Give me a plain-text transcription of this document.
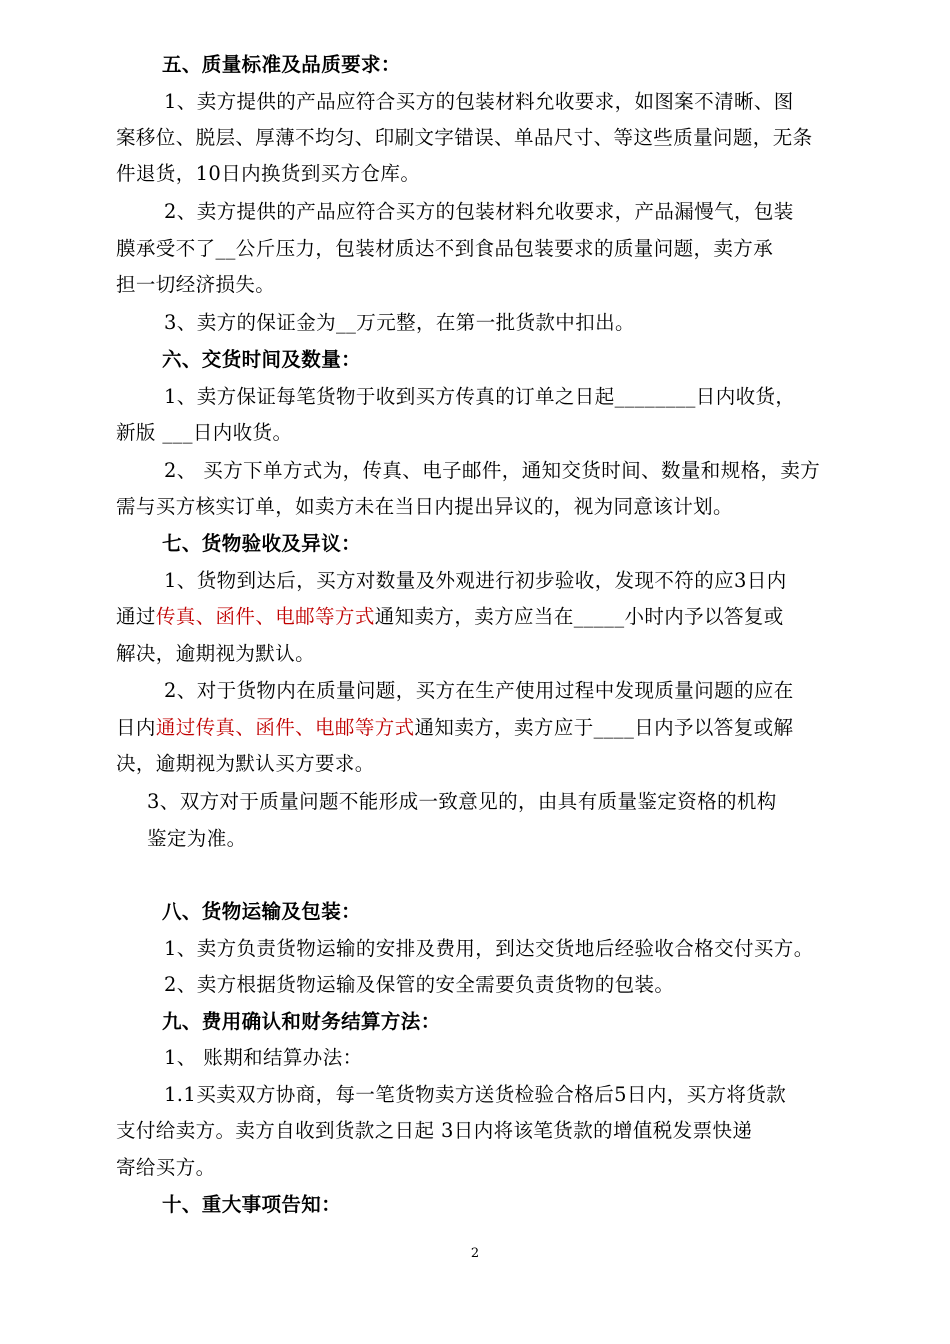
五、质量标准及品质要求：
1、卖方提供的产品应符合买方的包装材料允收要求，如图案不清晰、图
案移位、脱层、厚薄不均匀、印刷文字错误、单品尺寸、等这些质量问题，无条
件退货，10日内换货到买方仓库。
2、卖方提供的产品应符合买方的包装材料允收要求，产品漏慢气，包装
膜承受不了__公斤压力，包装材质达不到食品包装要求的质量问题，卖方承
担一切经济损失。
3、卖方的保证金为__万元整，在第一批货款中扣出。
六、交货时间及数量：
1、卖方保证每笔货物于收到买方传真的订单之日起________日内收货，
新版 ___日内收货。
2、 买方下单方式为，传真、电子邮件，通知交货时间、数量和规格，卖方
需与买方核实订单，如卖方未在当日内提出异议的，视为同意该计划。
七、货物验收及异议：
1、货物到达后，买方对数量及外观进行初步验收，发现不符的应3日内
通过传真、函件、电邮等方式通知卖方，卖方应当在_____小时内予以答复或
解决，逾期视为默认。
2、对于货物内在质量问题，买方在生产使用过程中发现质量问题的应在
日内通过传真、函件、电邮等方式通知卖方，卖方应于____日内予以答复或解
决，逾期视为默认买方要求。
3、双方对于质量问题不能形成一致意见的，由具有质量鉴定资格的机构
鉴定为准。
八、货物运输及包装：
1、卖方负责货物运输的安排及费用，到达交货地后经验收合格交付买方。
2、卖方根据货物运输及保管的安全需要负责货物的包装。
九、费用确认和财务结算方法：
1、 账期和结算办法：
1.1买卖双方协商，每一笔货物卖方送货检验合格后5日内，买方将货款
支付给卖方。卖方自收到货款之日起 3日内将该笔货款的增值税发票快递
寄给买方。
十、重大事项告知：
2
